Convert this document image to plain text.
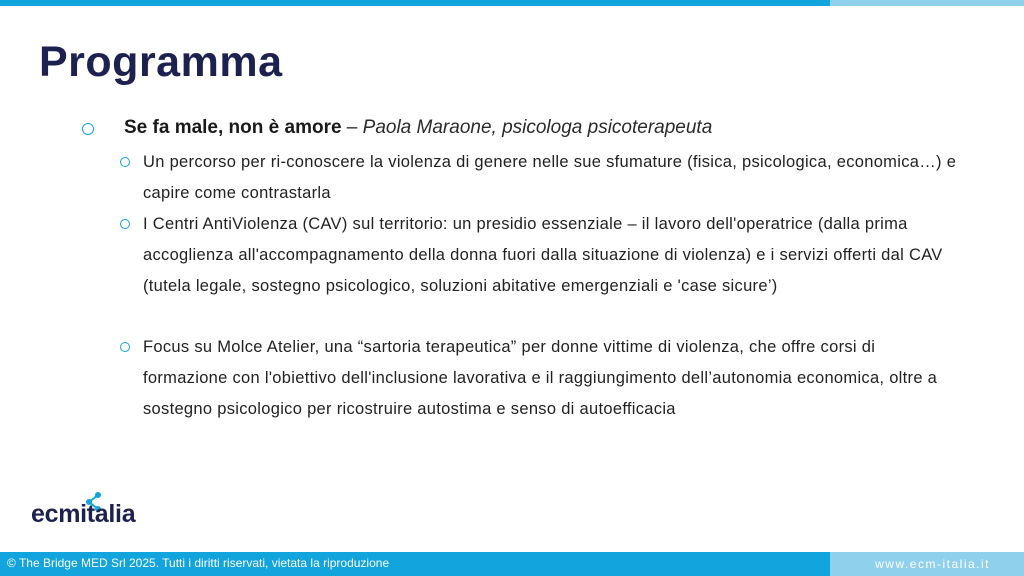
Programma
Se fa male, non è amore – Paola Maraone, psicologa psicoterapeuta
Un percorso per ri-conoscere la violenza di genere nelle sue sfumature (fisica, psicologica, economica…) e capire come contrastarla
I Centri AntiViolenza (CAV) sul territorio: un presidio essenziale – il lavoro dell'operatrice (dalla prima accoglienza all'accompagnamento della donna fuori dalla situazione di violenza) e i servizi offerti dal CAV (tutela legale, sostegno psicologico, soluzioni abitative emergenziali e 'case sicure’)
Focus su Molce Atelier, una “sartoria terapeutica” per donne vittime di violenza, che offre corsi di formazione con l'obiettivo dell'inclusione lavorativa e il raggiungimento dell’autonomia economica, oltre a sostegno psicologico per ricostruire autostima e senso di autoefficacia
ecmitalia
© The Bridge MED Srl 2025. Tutti i diritti riservati, vietata la riproduzione	www.ecm-italia.it
